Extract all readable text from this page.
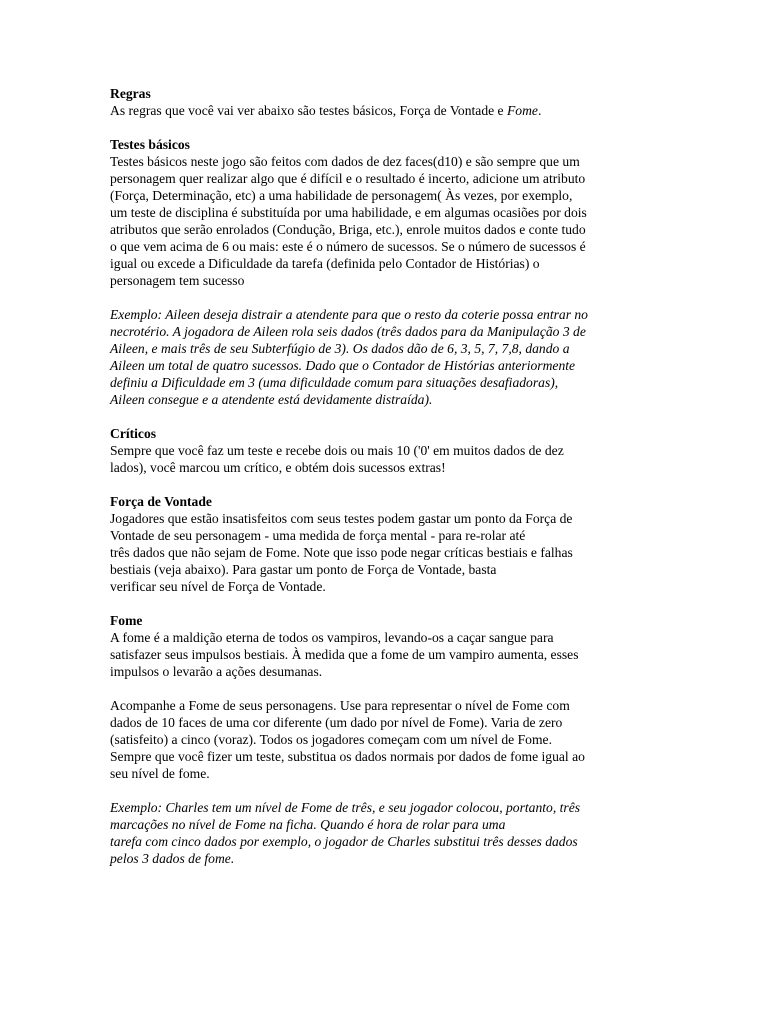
Regras
As regras que você vai ver abaixo são testes básicos, Força de Vontade e Fome.
Testes básicos
Testes básicos neste jogo são feitos com dados de dez faces(d10) e são sempre que um
personagem quer realizar algo que é difícil e o resultado é incerto, adicione um atributo
(Força, Determinação, etc) a uma habilidade de personagem( Às vezes, por exemplo,
um teste de disciplina é substituída por uma habilidade, e em algumas ocasiões por dois
atributos que serão enrolados (Condução, Briga, etc.), enrole muitos dados e conte tudo
o que vem acima de 6 ou mais: este é o número de sucessos. Se o número de sucessos é
igual ou excede a Dificuldade da tarefa (definida pelo Contador de Histórias) o
personagem tem sucesso
Exemplo: Aileen deseja distrair a atendente para que o resto da coterie possa entrar no
necrotério. A jogadora de Aileen rola seis dados (três dados para da Manipulação 3 de
Aileen, e mais três de seu Subterfúgio de 3). Os dados dão de 6, 3, 5, 7, 7,8, dando a
Aileen um total de quatro sucessos. Dado que o Contador de Histórias anteriormente
definiu a Dificuldade em 3 (uma dificuldade comum para situações desafiadoras),
Aileen consegue e a atendente está devidamente distraída).
Críticos
Sempre que você faz um teste e recebe dois ou mais 10 ('0' em muitos dados de dez
lados), você marcou um crítico, e obtém dois sucessos extras!
Força de Vontade
Jogadores que estão insatisfeitos com seus testes podem gastar um ponto da Força de
Vontade de seu personagem - uma medida de força mental - para re-rolar até
três dados que não sejam de Fome. Note que isso pode negar críticas bestiais e falhas
bestiais (veja abaixo). Para gastar um ponto de Força de Vontade, basta
verificar seu nível de Força de Vontade.
Fome
A fome é a maldição eterna de todos os vampiros, levando-os a caçar sangue para
satisfazer seus impulsos bestiais. À medida que a fome de um vampiro aumenta, esses
impulsos o levarão a ações desumanas.
Acompanhe a Fome de seus personagens. Use para representar o nível de Fome com
dados de 10 faces de uma cor diferente (um dado por nível de Fome). Varia de zero
(satisfeito) a cinco (voraz). Todos os jogadores começam com um nível de Fome.
Sempre que você fizer um teste, substitua os dados normais por dados de fome igual ao
seu nível de fome.
Exemplo: Charles tem um nível de Fome de três, e seu jogador colocou, portanto, três
marcações no nível de Fome na ficha. Quando é hora de rolar para uma
tarefa com cinco dados por exemplo, o jogador de Charles substitui três desses dados
pelos 3 dados de fome.
